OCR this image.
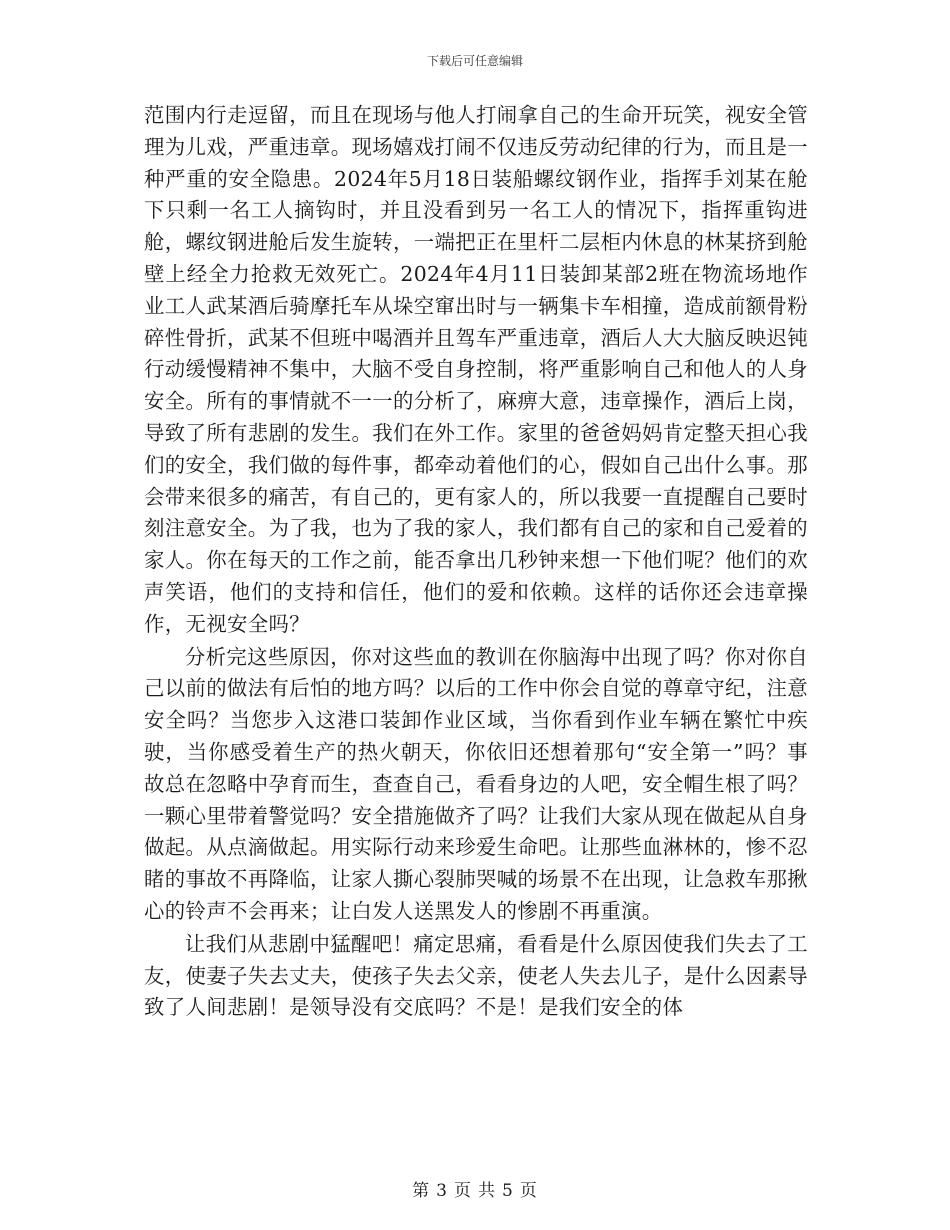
下载后可任意编辑

范围内行走逗留，而且在现场与他人打闹拿自己的生命开玩笑，视安全管理为儿戏，严重违章。现场嬉戏打闹不仅违反劳动纪律的行为，而且是一种严重的安全隐患。2024年5月18日装船螺纹钢作业，指挥手刘某在舱下只剩一名工人摘钩时，并且没看到另一名工人的情况下，指挥重钩进舱，螺纹钢进舱后发生旋转，一端把正在里杆二层柜内休息的林某挤到舱壁上经全力抢救无效死亡。2024年4月11日装卸某部2班在物流场地作业工人武某酒后骑摩托车从垛空窜出时与一辆集卡车相撞，造成前额骨粉碎性骨折，武某不但班中喝酒并且驾车严重违章，酒后人大大脑反映迟钝行动缓慢精神不集中，大脑不受自身控制，将严重影响自己和他人的人身安全。所有的事情就不一一的分析了，麻痹大意，违章操作，酒后上岗，导致了所有悲剧的发生。我们在外工作。家里的爸爸妈妈肯定整天担心我们的安全，我们做的每件事，都牵动着他们的心，假如自己出什么事。那会带来很多的痛苦，有自己的，更有家人的，所以我要一直提醒自己要时刻注意安全。为了我，也为了我的家人，我们都有自己的家和自己爱着的家人。你在每天的工作之前，能否拿出几秒钟来想一下他们呢？他们的欢声笑语，他们的支持和信任，他们的爱和依赖。这样的话你还会违章操作，无视安全吗？

分析完这些原因，你对这些血的教训在你脑海中出现了吗？你对你自己以前的做法有后怕的地方吗？以后的工作中你会自觉的尊章守纪，注意安全吗？当您步入这港口装卸作业区域，当你看到作业车辆在繁忙中疾驶，当你感受着生产的热火朝天，你依旧还想着那句“安全第一”吗？事故总在忽略中孕育而生，查查自己，看看身边的人吧，安全帽生根了吗？一颗心里带着警觉吗？安全措施做齐了吗？让我们大家从现在做起从自身做起。从点滴做起。用实际行动来珍爱生命吧。让那些血淋林的，惨不忍睹的事故不再降临，让家人撕心裂肺哭喊的场景不在出现，让急救车那揪心的铃声不会再来；让白发人送黑发人的惨剧不再重演。

让我们从悲剧中猛醒吧！痛定思痛，看看是什么原因使我们失去了工友，使妻子失去丈夫，使孩子失去父亲，使老人失去儿子，是什么因素导致了人间悲剧！是领导没有交底吗？不是！是我们安全的体

第 3 页 共 5 页
